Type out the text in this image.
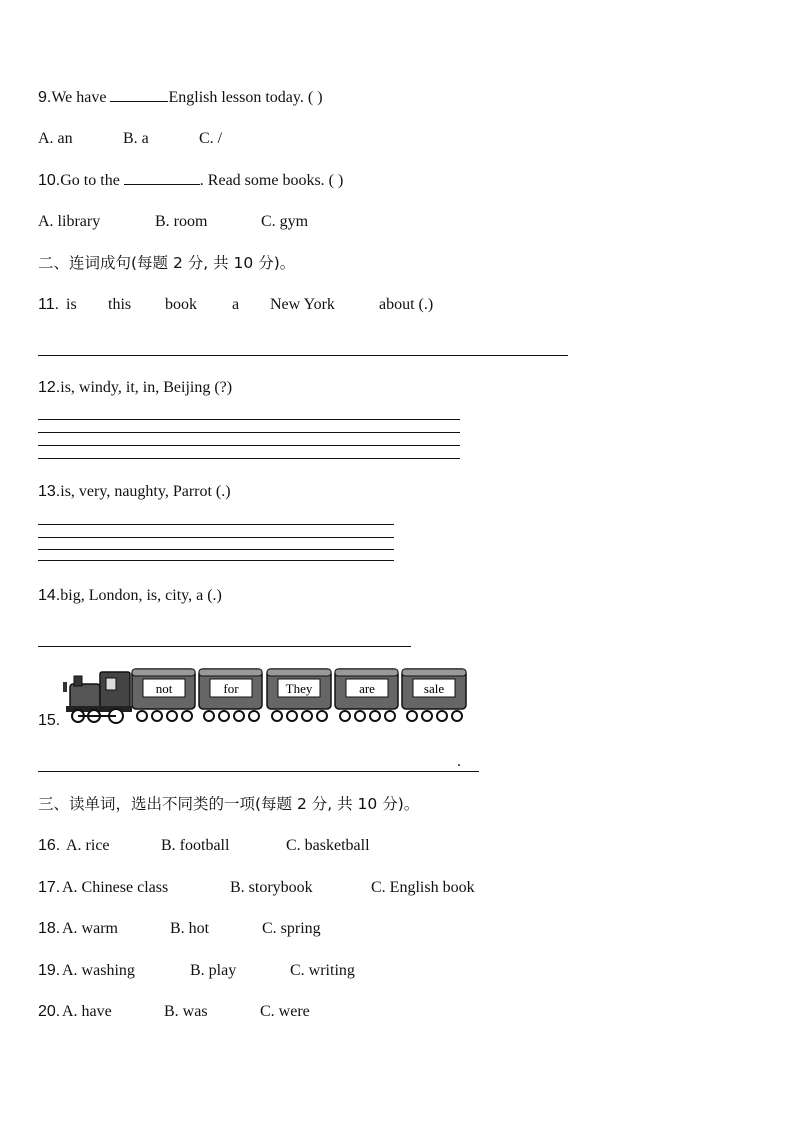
9.We have	English lesson today. ( )
A. an	B. a	C. /
10.Go to the	. Read some books. ( )
A. library	B. room	C. gym
二、连词成句(每题 2 分, 共 10 分)。
11. is this book a New York	about (.)
12.is, windy, it, in, Beijing (?)
13.is, very, naughty, Parrot (.)
14.big, London, is, city, a (.)
15.
not	for	They	are	sale
.
三、读单词，选出不同类的一项(每题 2 分, 共 10 分)。
16. A. rice	B. football	C. basketball
17. A. Chinese class	B. storybook	C. English book
18. A. warm	B. hot	C. spring
19. A. washing	B. play	C. writing
20. A. have	B. was	C. were
